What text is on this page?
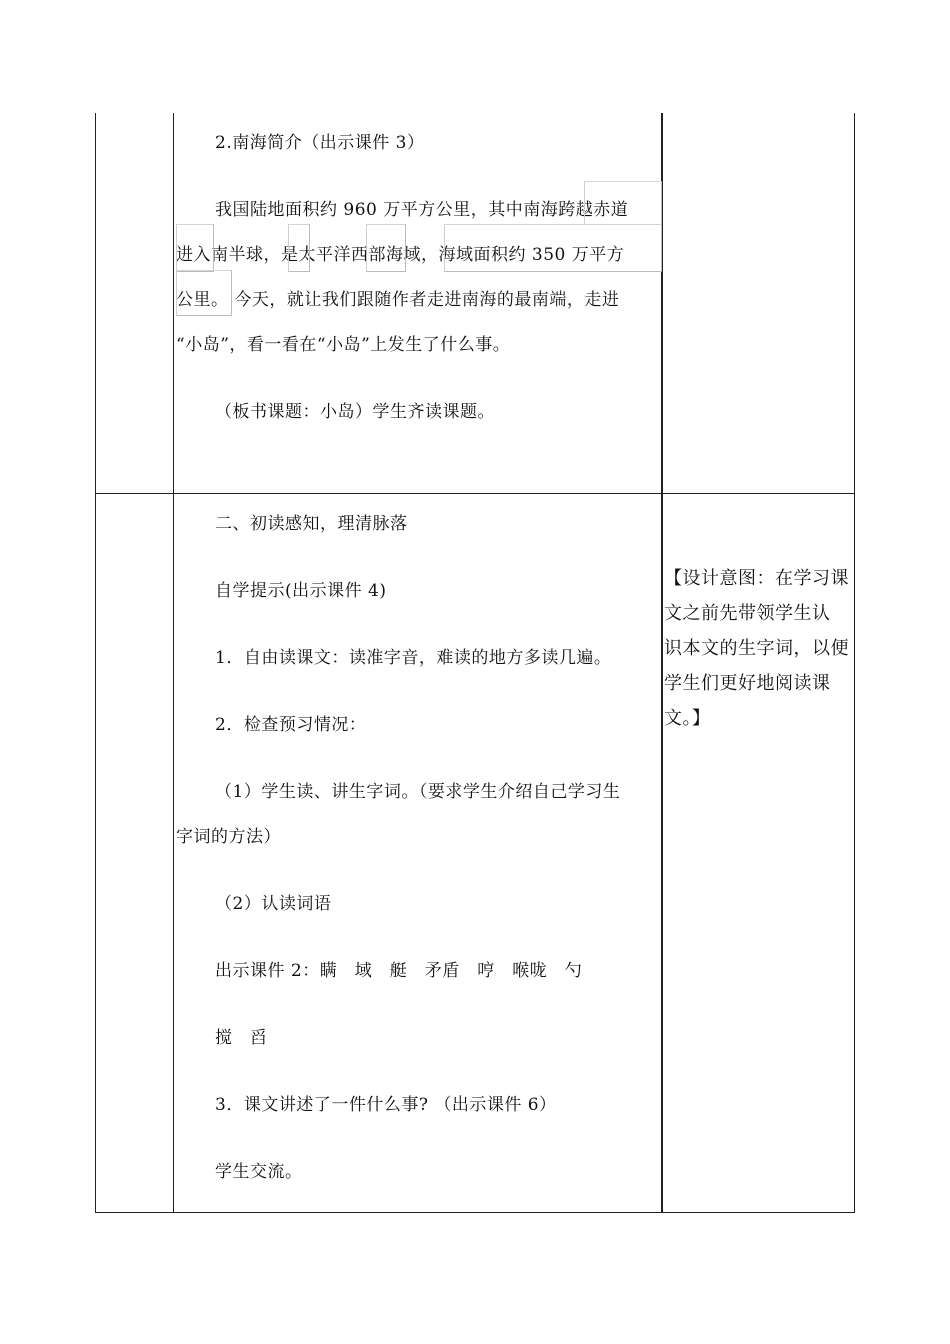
2.南海简介（出示课件 3）
我国陆地面积约 960 万平方公里，其中南海跨越赤道
进入南半球，是太平洋西部海域，海域面积约 350 万平方
公里。 今天，就让我们跟随作者走进南海的最南端，走进
“小岛”，看一看在“小岛”上发生了什么事。
（板书课题：小岛）学生齐读课题。
二、初读感知，理清脉落
自学提示(出示课件 4)
1．自由读课文：读准字音，难读的地方多读几遍。
2．检查预习情况：
（1）学生读、讲生字词。（要求学生介绍自己学习生
字词的方法）
（2）认读词语
出示课件 2：瞒　域　艇　矛盾　哼　喉咙　勺
搅　舀
3．课文讲述了一件什么事? （出示课件 6）
学生交流。
【设计意图：在学习课
文之前先带领学生认
识本文的生字词，以便
学生们更好地阅读课
文。】
